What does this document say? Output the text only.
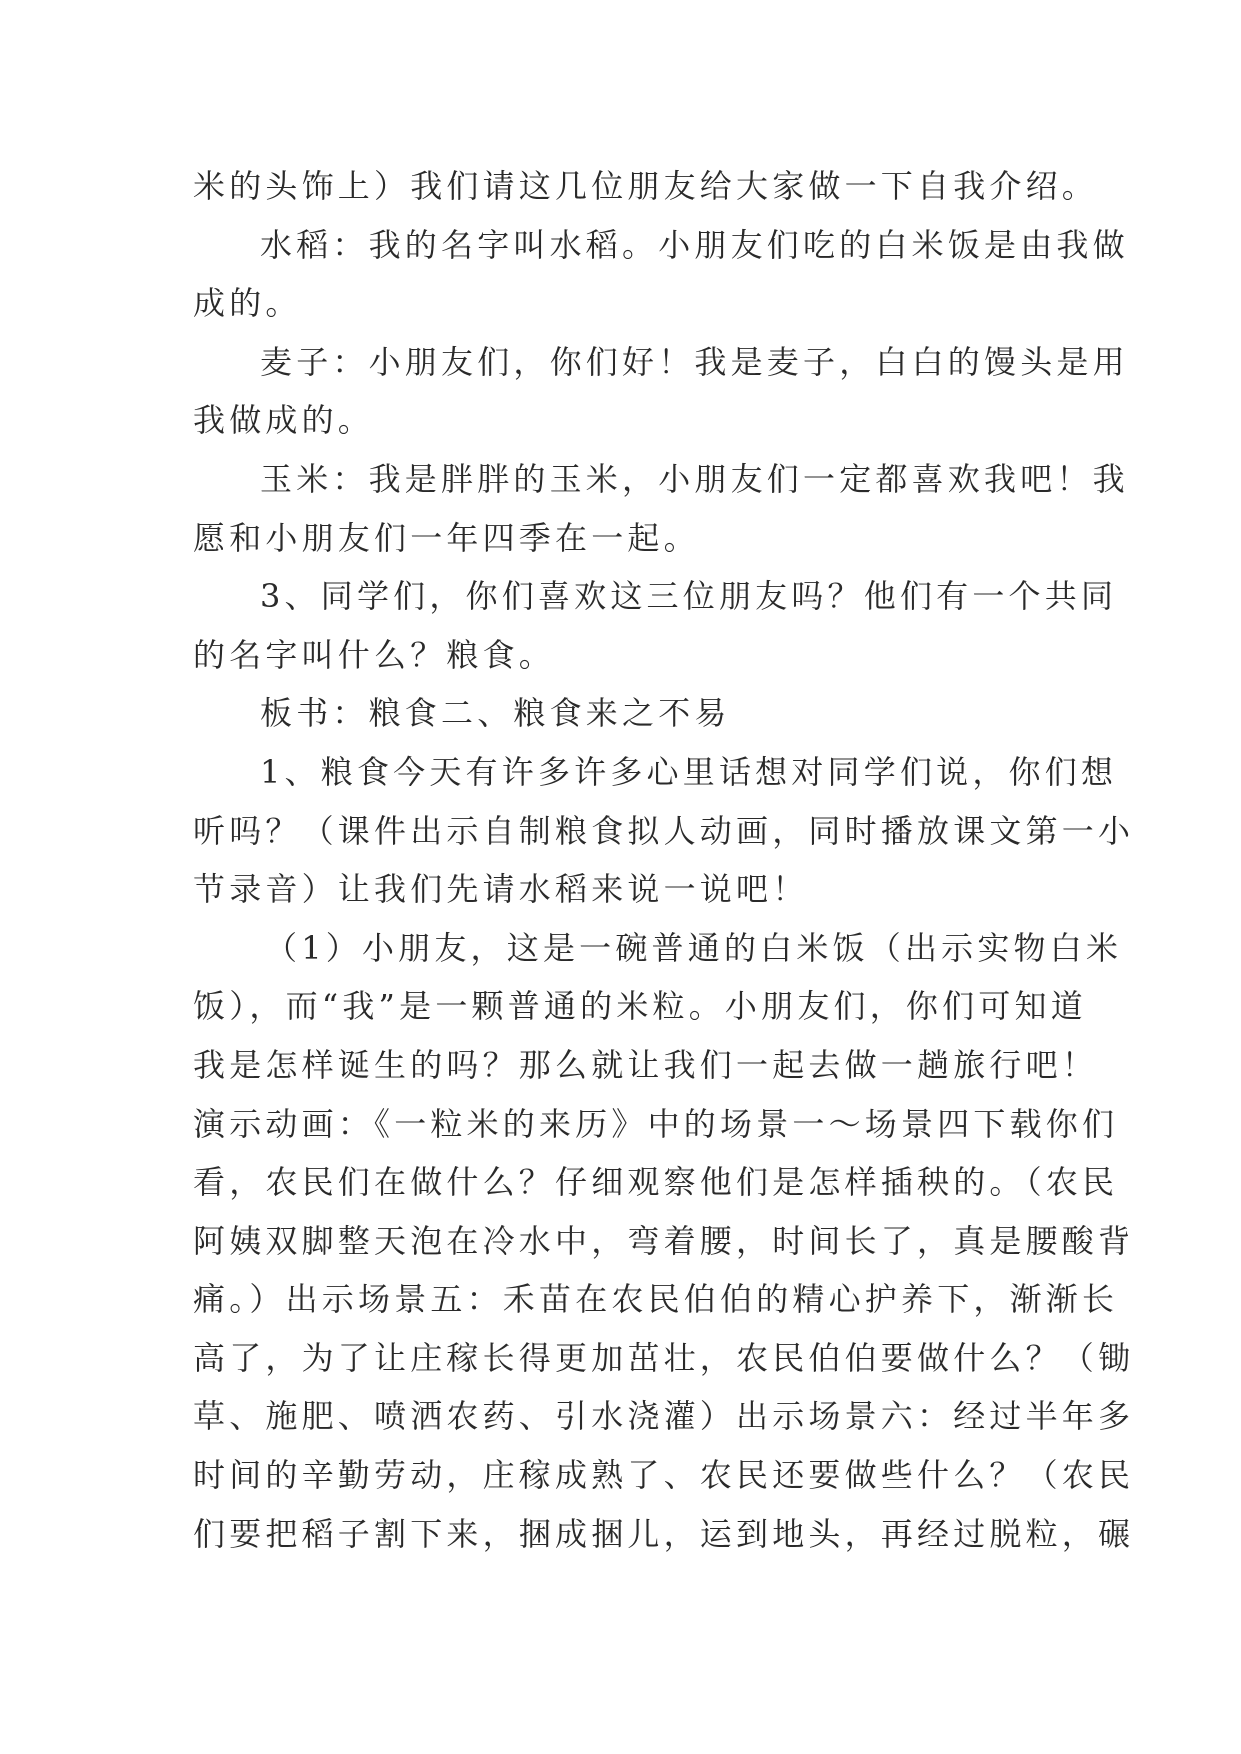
米的头饰上）我们请这几位朋友给大家做一下自我介绍。

水稻：我的名字叫水稻。小朋友们吃的白米饭是由我做
成的。

麦子：小朋友们，你们好！我是麦子，白白的馒头是用
我做成的。

玉米：我是胖胖的玉米，小朋友们一定都喜欢我吧！我
愿和小朋友们一年四季在一起。

3、同学们，你们喜欢这三位朋友吗？他们有一个共同
的名字叫什么？粮食。

板书：粮食二、粮食来之不易

1、粮食今天有许多许多心里话想对同学们说，你们想
听吗？（课件出示自制粮食拟人动画，同时播放课文第一小
节录音）让我们先请水稻来说一说吧！

（1）小朋友，这是一碗普通的白米饭（出示实物白米
饭），而“我”是一颗普通的米粒。小朋友们，你们可知道
我是怎样诞生的吗？那么就让我们一起去做一趟旅行吧！
演示动画：《一粒米的来历》中的场景一～场景四下载你们
看，农民们在做什么？仔细观察他们是怎样插秧的。（农民
阿姨双脚整天泡在冷水中，弯着腰，时间长了，真是腰酸背
痛。）出示场景五：禾苗在农民伯伯的精心护养下，渐渐长
高了，为了让庄稼长得更加茁壮，农民伯伯要做什么？（锄
草、施肥、喷洒农药、引水浇灌）出示场景六：经过半年多
时间的辛勤劳动，庄稼成熟了、农民还要做些什么？（农民
们要把稻子割下来，捆成捆儿，运到地头，再经过脱粒，碾
